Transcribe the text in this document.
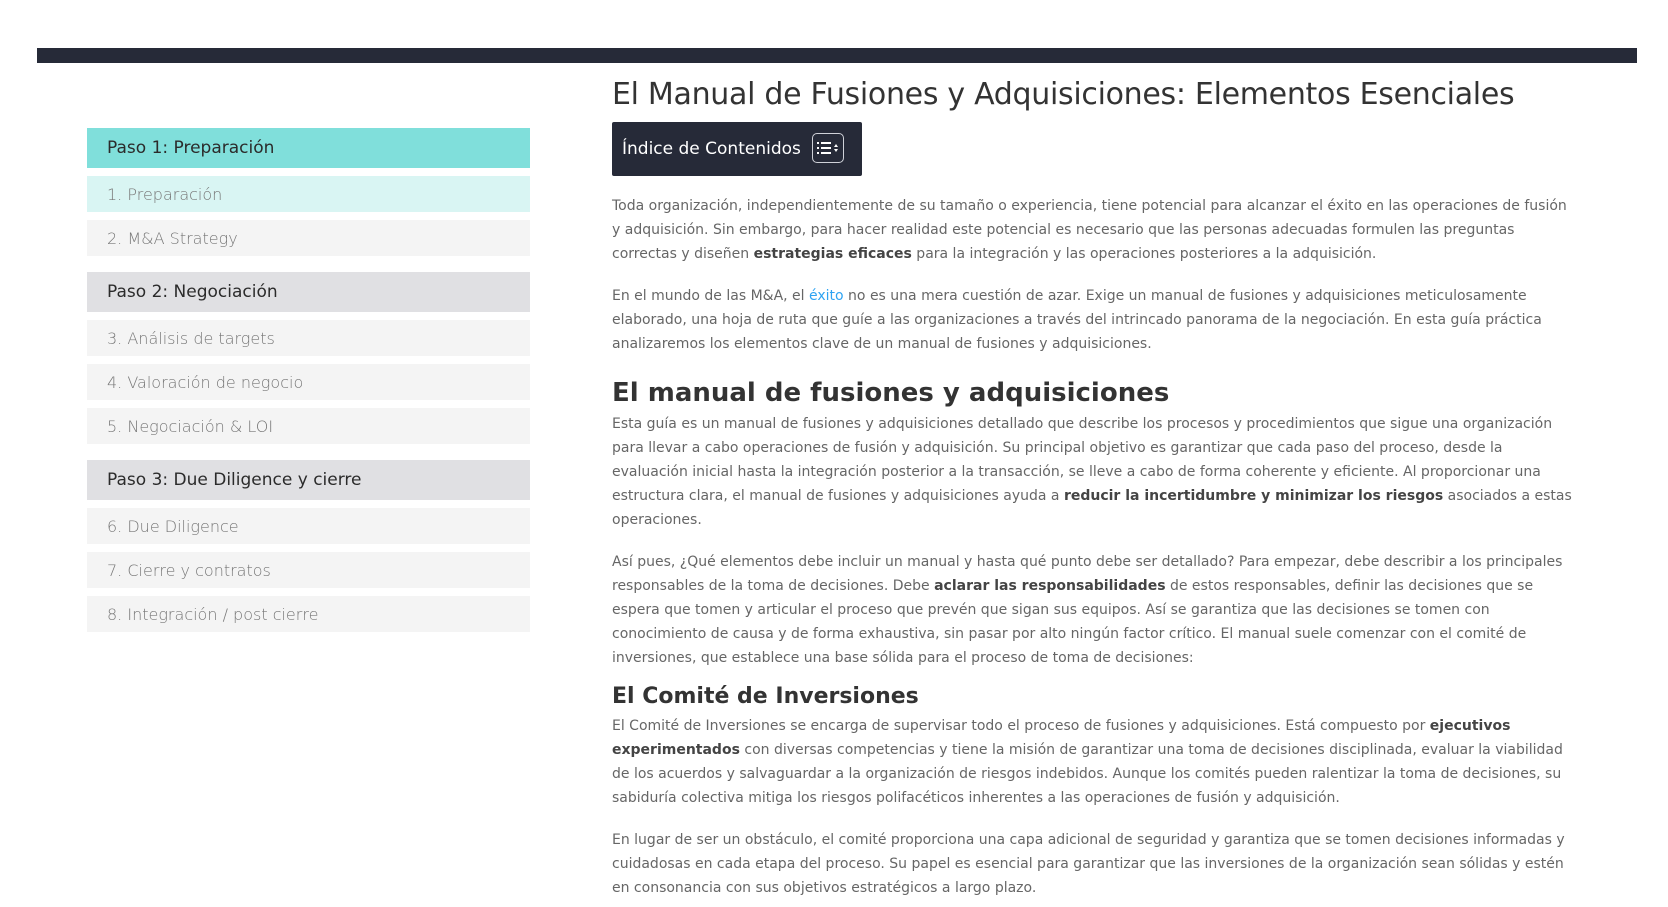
Paso 1: Preparación
1. Preparación
2. M&A Strategy
Paso 2: Negociación
3. Análisis de targets
4. Valoración de negocio
5. Negociación & LOI
Paso 3: Due Diligence y cierre
6. Due Diligence
7. Cierre y contratos
8. Integración / post cierre
El Manual de Fusiones y Adquisiciones: Elementos Esenciales
Índice de Contenidos

Toda organización, independientemente de su tamaño o experiencia, tiene potencial para alcanzar el éxito en las operaciones de fusión y adquisición. Sin embargo, para hacer realidad este potencial es necesario que las personas adecuadas formulen las preguntas correctas y diseñen estrategias eficaces para la integración y las operaciones posteriores a la adquisición.

En el mundo de las M&A, el éxito no es una mera cuestión de azar. Exige un manual de fusiones y adquisiciones meticulosamente elaborado, una hoja de ruta que guíe a las organizaciones a través del intrincado panorama de la negociación. En esta guía práctica analizaremos los elementos clave de un manual de fusiones y adquisiciones.

El manual de fusiones y adquisiciones

Esta guía es un manual de fusiones y adquisiciones detallado que describe los procesos y procedimientos que sigue una organización para llevar a cabo operaciones de fusión y adquisición. Su principal objetivo es garantizar que cada paso del proceso, desde la evaluación inicial hasta la integración posterior a la transacción, se lleve a cabo de forma coherente y eficiente. Al proporcionar una estructura clara, el manual de fusiones y adquisiciones ayuda a reducir la incertidumbre y minimizar los riesgos asociados a estas operaciones.

Así pues, ¿Qué elementos debe incluir un manual y hasta qué punto debe ser detallado? Para empezar, debe describir a los principales responsables de la toma de decisiones. Debe aclarar las responsabilidades de estos responsables, definir las decisiones que se espera que tomen y articular el proceso que prevén que sigan sus equipos. Así se garantiza que las decisiones se tomen con conocimiento de causa y de forma exhaustiva, sin pasar por alto ningún factor crítico. El manual suele comenzar con el comité de inversiones, que establece una base sólida para el proceso de toma de decisiones:

El Comité de Inversiones

El Comité de Inversiones se encarga de supervisar todo el proceso de fusiones y adquisiciones. Está compuesto por ejecutivos experimentados con diversas competencias y tiene la misión de garantizar una toma de decisiones disciplinada, evaluar la viabilidad de los acuerdos y salvaguardar a la organización de riesgos indebidos. Aunque los comités pueden ralentizar la toma de decisiones, su sabiduría colectiva mitiga los riesgos polifacéticos inherentes a las operaciones de fusión y adquisición.

En lugar de ser un obstáculo, el comité proporciona una capa adicional de seguridad y garantiza que se tomen decisiones informadas y cuidadosas en cada etapa del proceso. Su papel es esencial para garantizar que las inversiones de la organización sean sólidas y estén en consonancia con sus objetivos estratégicos a largo plazo.
